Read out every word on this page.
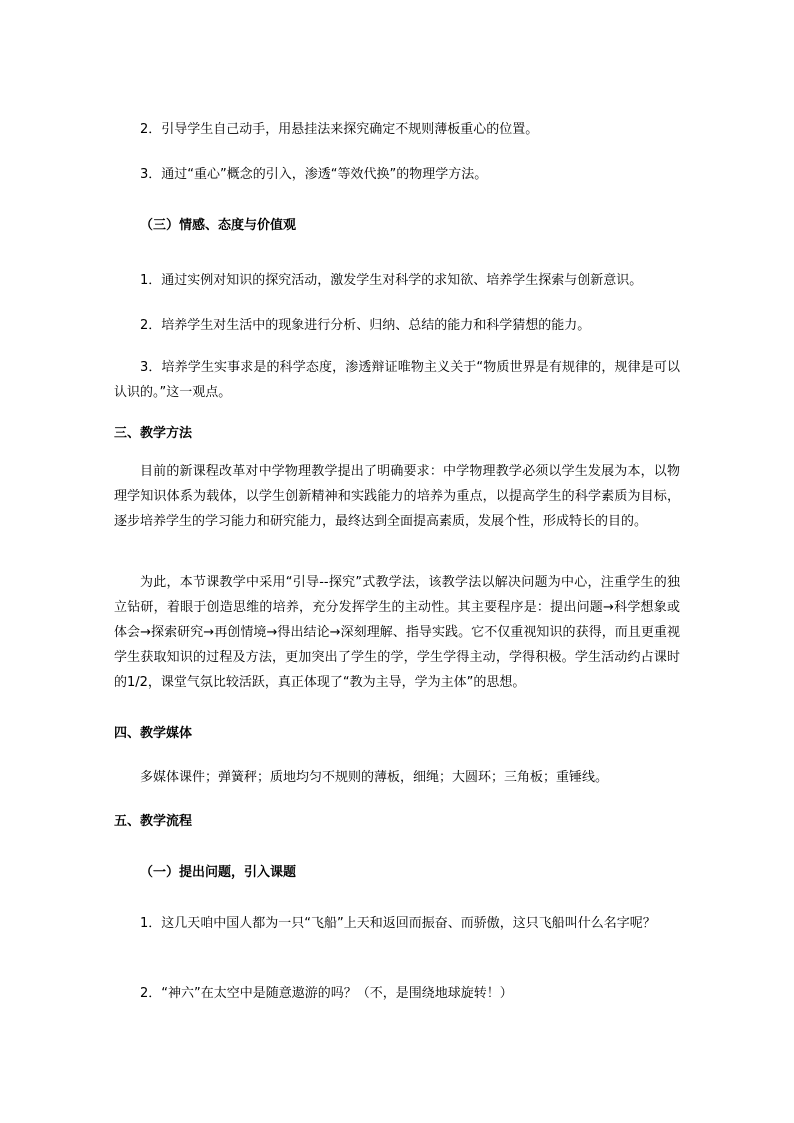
2．引导学生自己动手，用悬挂法来探究确定不规则薄板重心的位置。
3．通过“重心”概念的引入，渗透“等效代换”的物理学方法。
（三）情感、态度与价值观
1．通过实例对知识的探究活动，激发学生对科学的求知欲、培养学生探索与创新意识。
2．培养学生对生活中的现象进行分析、归纳、总结的能力和科学猜想的能力。
3．培养学生实事求是的科学态度，渗透辩证唯物主义关于“物质世界是有规律的，规律是可以认识的。”这一观点。
三、教学方法
目前的新课程改革对中学物理教学提出了明确要求：中学物理教学必须以学生发展为本，以物理学知识体系为载体，以学生创新精神和实践能力的培养为重点，以提高学生的科学素质为目标，逐步培养学生的学习能力和研究能力，最终达到全面提高素质，发展个性，形成特长的目的。
为此，本节课教学中采用“引导--探究”式教学法，该教学法以解决问题为中心，注重学生的独立钻研，着眼于创造思维的培养，充分发挥学生的主动性。其主要程序是：提出问题→科学想象或体会→探索研究→再创情境→得出结论→深刻理解、指导实践。它不仅重视知识的获得，而且更重视学生获取知识的过程及方法，更加突出了学生的学，学生学得主动，学得积极。学生活动约占课时的1/2，课堂气氛比较活跃，真正体现了“教为主导，学为主体”的思想。
四、教学媒体
多媒体课件；弹簧秤；质地均匀不规则的薄板，细绳；大圆环；三角板；重锤线。
五、教学流程
（一）提出问题，引入课题
1．这几天咱中国人都为一只“飞船”上天和返回而振奋、而骄傲，这只飞船叫什么名字呢？
2．“神六”在太空中是随意遨游的吗？（不，是围绕地球旋转！）
